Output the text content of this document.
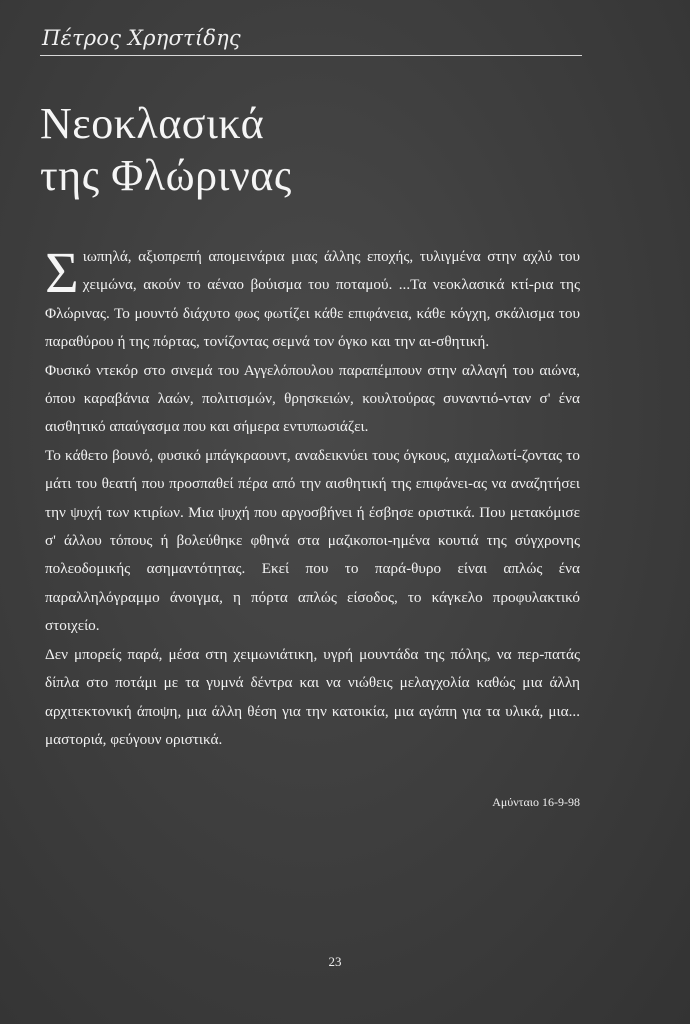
Πέτρος Χρηστίδης
Νεοκλασικά
της Φλώρινας

Σ ιωπηλά, αξιοπρεπή απομεινάρια μιας άλλης εποχής, τυλιγμένα στην αχλύ του χειμώνα, ακούν το αέναο βούισμα του ποταμού. ...Τα νεοκλασικά κτί-ρια της Φλώρινας. Το μουντό διάχυτο φως φωτίζει κάθε επιφάνεια, κάθε κόγχη, σκάλισμα του παραθύρου ή της πόρτας, τονίζοντας σεμνά τον όγκο και την αι-σθητική.

Φυσικό ντεκόρ στο σινεμά του Αγγελόπουλου παραπέμπουν στην αλλαγή του αιώνα, όπου καραβάνια λαών, πολιτισμών, θρησκειών, κουλτούρας συναντιό-νταν σ' ένα αισθητικό απαύγασμα που και σήμερα εντυπωσιάζει.

Το κάθετο βουνό, φυσικό μπάγκραουντ, αναδεικνύει τους όγκους, αιχμαλωτί-ζοντας το μάτι του θεατή που προσπαθεί πέρα από την αισθητική της επιφάνει-ας να αναζητήσει την ψυχή των κτιρίων. Μια ψυχή που αργοσβήνει ή έσβησε οριστικά. Που μετακόμισε σ' άλλου τόπους ή βολεύθηκε φθηνά στα μαζικοποι-ημένα κουτιά της σύγχρονης πολεοδομικής ασημαντότητας. Εκεί που το παρά-θυρο είναι απλώς ένα παραλληλόγραμμο άνοιγμα, η πόρτα απλώς είσοδος, το κάγκελο προφυλακτικό στοιχείο.

Δεν μπορείς παρά, μέσα στη χειμωνιάτικη, υγρή μουντάδα της πόλης, να περ-πατάς δίπλα στο ποτάμι με τα γυμνά δέντρα και να νιώθεις μελαγχολία καθώς μια άλλη αρχιτεκτονική άποψη, μια άλλη θέση για την κατοικία, μια αγάπη για τα υλικά, μια... μαστοριά, φεύγουν οριστικά.

Αμύνταιο 16-9-98
23
